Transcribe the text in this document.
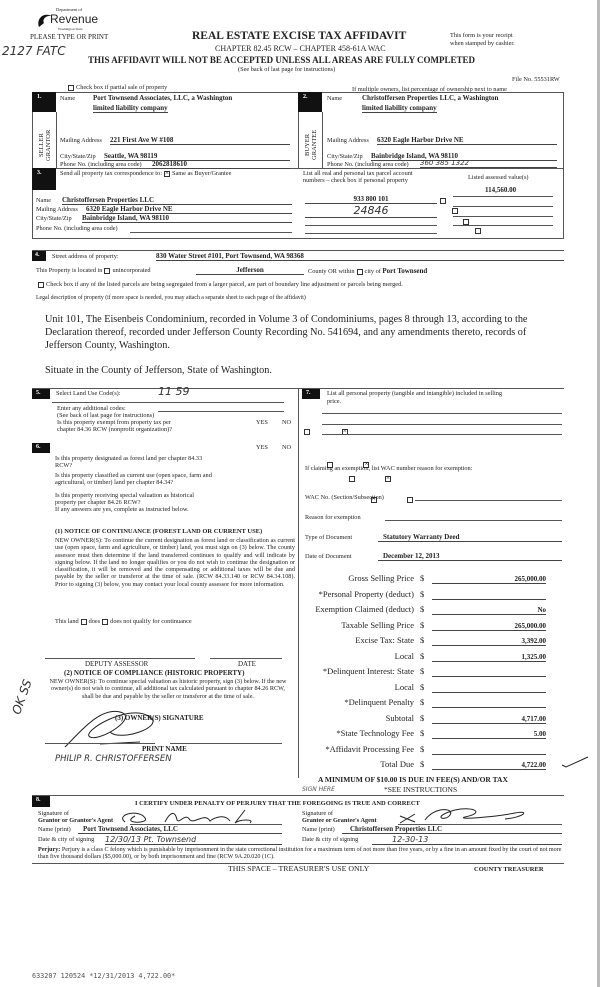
Department of
Revenue
Washington State
2127 FATC
PLEASE TYPE OR PRINT	REAL ESTATE EXCISE TAX AFFIDAVIT
CHAPTER 82.45 RCW – CHAPTER 458-61A WAC
THIS AFFIDAVIT WILL NOT BE ACCEPTED UNLESS ALL AREAS ARE FULLY COMPLETED
(See back of last page for instructions)
This form is your receipt
when stamped by cashier.
File No. 55531RW
Check box if partial sale of property	If multiple owners, list percentage of ownership next to name
1.
SELLER GRANTOR
Name	Port Townsend Associates, LLC, a Washington
limited liability company
Mailing Address 221 First Ave W #108
City/State/Zip Seattle, WA 98119
Phone No. (including area code) 2062818610
2.
BUYER GRANTEE
Name	Christoffersen Properties LLC, a Washington
limited liability company
Mailing Address 6320 Eagle Harbor Drive NE
City/State/Zip Bainbridge Island, WA 98110
Phone No. (including area code) 360 385 1322
3.	Send all property tax correspondence to: × Same as Buyer/Grantee	List all real and personal tax parcel account
numbers – check box if personal property	Listed assessed value(s)
Name Christoffersen Properties LLC
Mailing Address 6320 Eagle Harbor Drive NE
City/State/Zip Bainbridge Island, WA 98110
Phone No. (including area code)
933 800 101

24846

114,560.00
4.	Street address of property:	830 Water Street #101, Port Townsend, WA 98368
This Property is located in unincorporated	Jefferson	County OR within city of Port Townsend
Check box if any of the listed parcels are being segregated from a larger parcel, are part of boundary line adjustment or parcels being merged.
Legal description of property (if more space is needed, you may attach a separate sheet to each page of the affidavit)
Unit 101, The Eisenbeis Condominium, recorded in Volume 3 of Condominiums, pages 8 through 13, according to the
Declaration thereof, recorded under Jefferson County Recording No. 541694, and any amendments thereto, records of
Jefferson County, Washington.
Situate in the County of Jefferson, State of Washington.
5.	Select Land Use Code(s):	11 59
Enter any additional codes:
(See back of last page for instructions)
Is this property exempt from property tax per
chapter 84.36 RCW (nonprofit organization)?
YES NO
×
6.	YES NO
Is this property designated as forest land per chapter 84.33
RCW?
×
Is this property classified as current use (open space, farm and
agricultural, or timber) land per chapter 84.34?
×
Is this property receiving special valuation as historical
property per chapter 84.26 RCW?
If any answers are yes, complete as instructed below.
×
(1) NOTICE OF CONTINUANCE (FOREST LAND OR CURRENT USE)
NEW OWNER(S): To continue the current designation as forest land or classification as current use (open space, farm and agriculture, or timber) land, you must sign on (3) below. The county assessor must then determine if the land transferred continues to qualify and will indicate by signing below. If the land no longer qualifies or you do not wish to continue the designation or classification, it will be removed and the compensating or additional taxes will be due and payable by the seller or transferor at the time of sale. (RCW 84.33.140 or RCW 84.34.108). Prior to signing (3) below, you may contact your local county assessor for more information.
This land does does not qualify for continuance
DEPUTY ASSESSOR	DATE
(2) NOTICE OF COMPLIANCE (HISTORIC PROPERTY)
NEW OWNER(S): To continue special valuation as historic property, sign (3) below. If the new owner(s) do not wish to continue, all additional tax calculated pursuant to chapter 84.26 RCW, shall be due and payable by the seller or transferor at the time of sale.
(3) OWNER(S) SIGNATURE
OK SS
PRINT NAME
PHILIP R. CHRISTOFFERSEN
7.	List all personal property (tangible and intangible) included in selling
price.
If claiming an exemption, list WAC number reason for exemption:
WAC No. (Section/Subsection)
Reason for exemption
Type of Document	Statutory Warranty Deed
Date of Document	December 12, 2013
Gross Selling Price $	265,000.00
*Personal Property (deduct) $

Exemption Claimed (deduct) $	No
Taxable Selling Price $	265,000.00
Excise Tax: State $	3,392.00
Local $	1,325.00
*Delinquent Interest: State $

Local $

*Delinquent Penalty $

Subtotal $	4,717.00
*State Technology Fee $	5.00
*Affidavit Processing Fee $

Total Due $	4,722.00
A MINIMUM OF $10.00 IS DUE IN FEE(S) AND/OR TAX
*SEE INSTRUCTIONS
SIGN HERE
8.	I CERTIFY UNDER PENALTY OF PERJURY THAT THE FOREGOING IS TRUE AND CORRECT
Signature of
Grantor or Grantor's Agent
Name (print)	Port Townsend Associates, LLC
Date & city of signing 12/30/13 Pt. Townsend
Signature of
Grantee or Grantee's Agent
Name (print)	Christoffersen Properties LLC
Date & city of signing	12-30-13
Perjury: Perjury is a class C felony which is punishable by imprisonment in the state correctional institution for a maximum term of not more than five years, or by a fine in an amount fixed by the court of not more than five thousand dollars ($5,000.00), or by both imprisonment and fine (RCW 9A.20.020 (1C).
THIS SPACE – TREASURER'S USE ONLY	COUNTY TREASURER
633207 120524 *12/31/2013 4,722.00*
